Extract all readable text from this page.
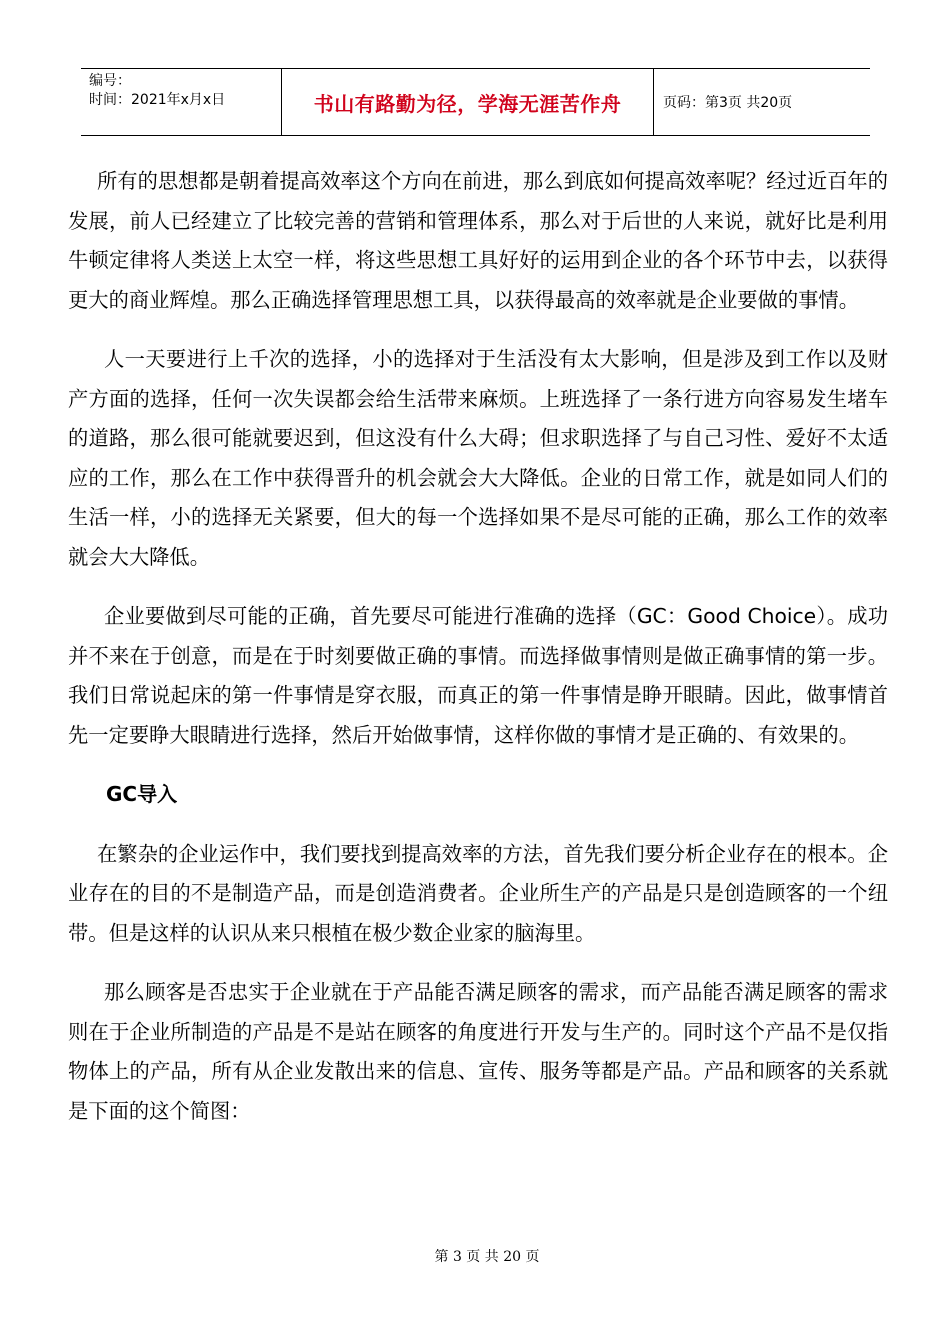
编号：
时间：2021年x月x日	书山有路勤为径，学海无涯苦作舟	页码：第3页 共20页

所有的思想都是朝着提高效率这个方向在前进，那么到底如何提高效率呢？经过近百年的发展，前人已经建立了比较完善的营销和管理体系，那么对于后世的人来说，就好比是利用牛顿定律将人类送上太空一样，将这些思想工具好好的运用到企业的各个环节中去，以获得更大的商业辉煌。那么正确选择管理思想工具，以获得最高的效率就是企业要做的事情。

人一天要进行上千次的选择，小的选择对于生活没有太大影响，但是涉及到工作以及财产方面的选择，任何一次失误都会给生活带来麻烦。上班选择了一条行进方向容易发生堵车的道路，那么很可能就要迟到，但这没有什么大碍；但求职选择了与自己习性、爱好不太适应的工作，那么在工作中获得晋升的机会就会大大降低。企业的日常工作，就是如同人们的生活一样，小的选择无关紧要，但大的每一个选择如果不是尽可能的正确，那么工作的效率就会大大降低。

企业要做到尽可能的正确，首先要尽可能进行准确的选择（GC：Good Choice）。成功并不来在于创意，而是在于时刻要做正确的事情。而选择做事情则是做正确事情的第一步。我们日常说起床的第一件事情是穿衣服，而真正的第一件事情是睁开眼睛。因此，做事情首先一定要睁大眼睛进行选择，然后开始做事情，这样你做的事情才是正确的、有效果的。

GC导入

在繁杂的企业运作中，我们要找到提高效率的方法，首先我们要分析企业存在的根本。企业存在的目的不是制造产品，而是创造消费者。企业所生产的产品是只是创造顾客的一个纽带。但是这样的认识从来只根植在极少数企业家的脑海里。

那么顾客是否忠实于企业就在于产品能否满足顾客的需求，而产品能否满足顾客的需求则在于企业所制造的产品是不是站在顾客的角度进行开发与生产的。同时这个产品不是仅指物体上的产品，所有从企业发散出来的信息、宣传、服务等都是产品。产品和顾客的关系就是下面的这个简图：

第 3 页 共 20 页
